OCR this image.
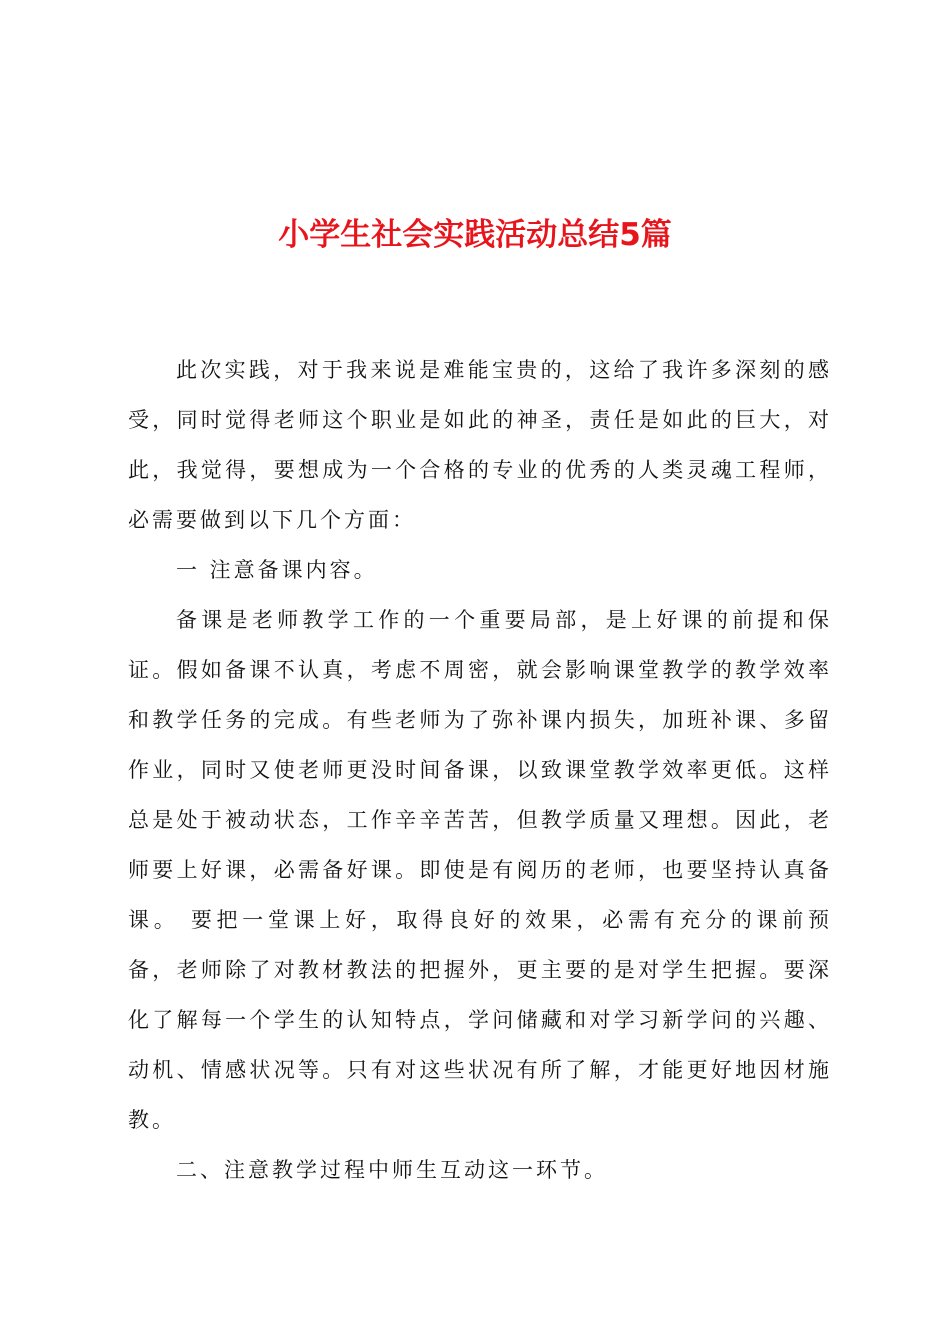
小学生社会实践活动总结5篇

此次实践，对于我来说是难能宝贵的，这给了我许多深刻的感受，同时觉得老师这个职业是如此的神圣，责任是如此的巨大，对此，我觉得，要想成为一个合格的专业的优秀的人类灵魂工程师，必需要做到以下几个方面：

一 注意备课内容。

备课是老师教学工作的一个重要局部，是上好课的前提和保证。假如备课不认真，考虑不周密，就会影响课堂教学的教学效率和教学任务的完成。有些老师为了弥补课内损失，加班补课、多留作业，同时又使老师更没时间备课，以致课堂教学效率更低。这样总是处于被动状态，工作辛辛苦苦，但教学质量又理想。因此，老师要上好课，必需备好课。即使是有阅历的老师，也要坚持认真备课。 要把一堂课上好，取得良好的效果，必需有充分的课前预备，老师除了对教材教法的把握外，更主要的是对学生把握。要深化了解每一个学生的认知特点，学问储藏和对学习新学问的兴趣、动机、情感状况等。只有对这些状况有所了解，才能更好地因材施教。

二、注意教学过程中师生互动这一环节。
